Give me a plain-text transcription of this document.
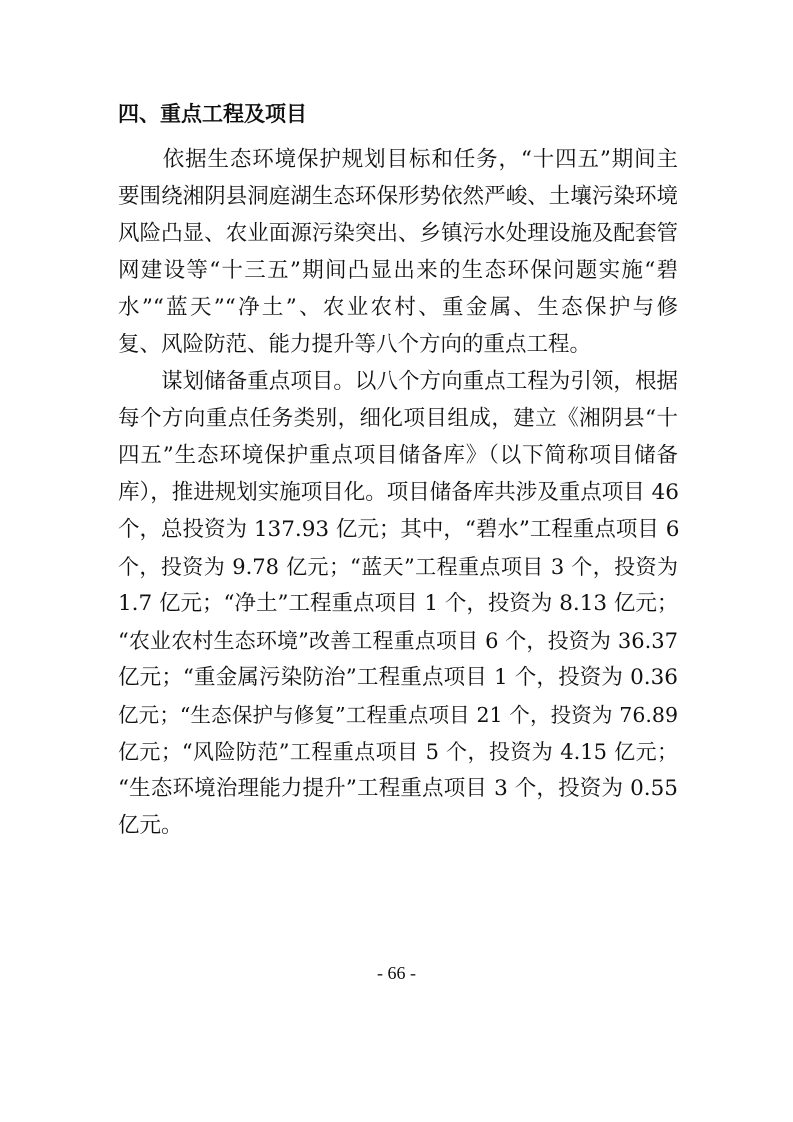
四、重点工程及项目

　　依据生态环境保护规划目标和任务，“十四五”期间主

要围绕湘阴县洞庭湖生态环保形势依然严峻、土壤污染环境

风险凸显、农业面源污染突出、乡镇污水处理设施及配套管

网建设等“十三五”期间凸显出来的生态环保问题实施“碧

水”“蓝天”“净土”、农业农村、重金属、生态保护与修

复、风险防范、能力提升等八个方向的重点工程。

　　谋划储备重点项目。以八个方向重点工程为引领，根据

每个方向重点任务类别，细化项目组成，建立《湘阴县“十

四五”生态环境保护重点项目储备库》（以下简称项目储备

库），推进规划实施项目化。项目储备库共涉及重点项目 46

个，总投资为 137.93 亿元；其中，“碧水”工程重点项目 6

个，投资为 9.78 亿元；“蓝天”工程重点项目 3 个，投资为

1.7 亿元；“净土”工程重点项目 1 个，投资为 8.13 亿元；

“农业农村生态环境”改善工程重点项目 6 个，投资为 36.37

亿元；“重金属污染防治”工程重点项目 1 个，投资为 0.36

亿元；“生态保护与修复”工程重点项目 21 个，投资为 76.89

亿元；“风险防范”工程重点项目 5 个，投资为 4.15 亿元；

“生态环境治理能力提升”工程重点项目 3 个，投资为 0.55

亿元。

- 66 -
